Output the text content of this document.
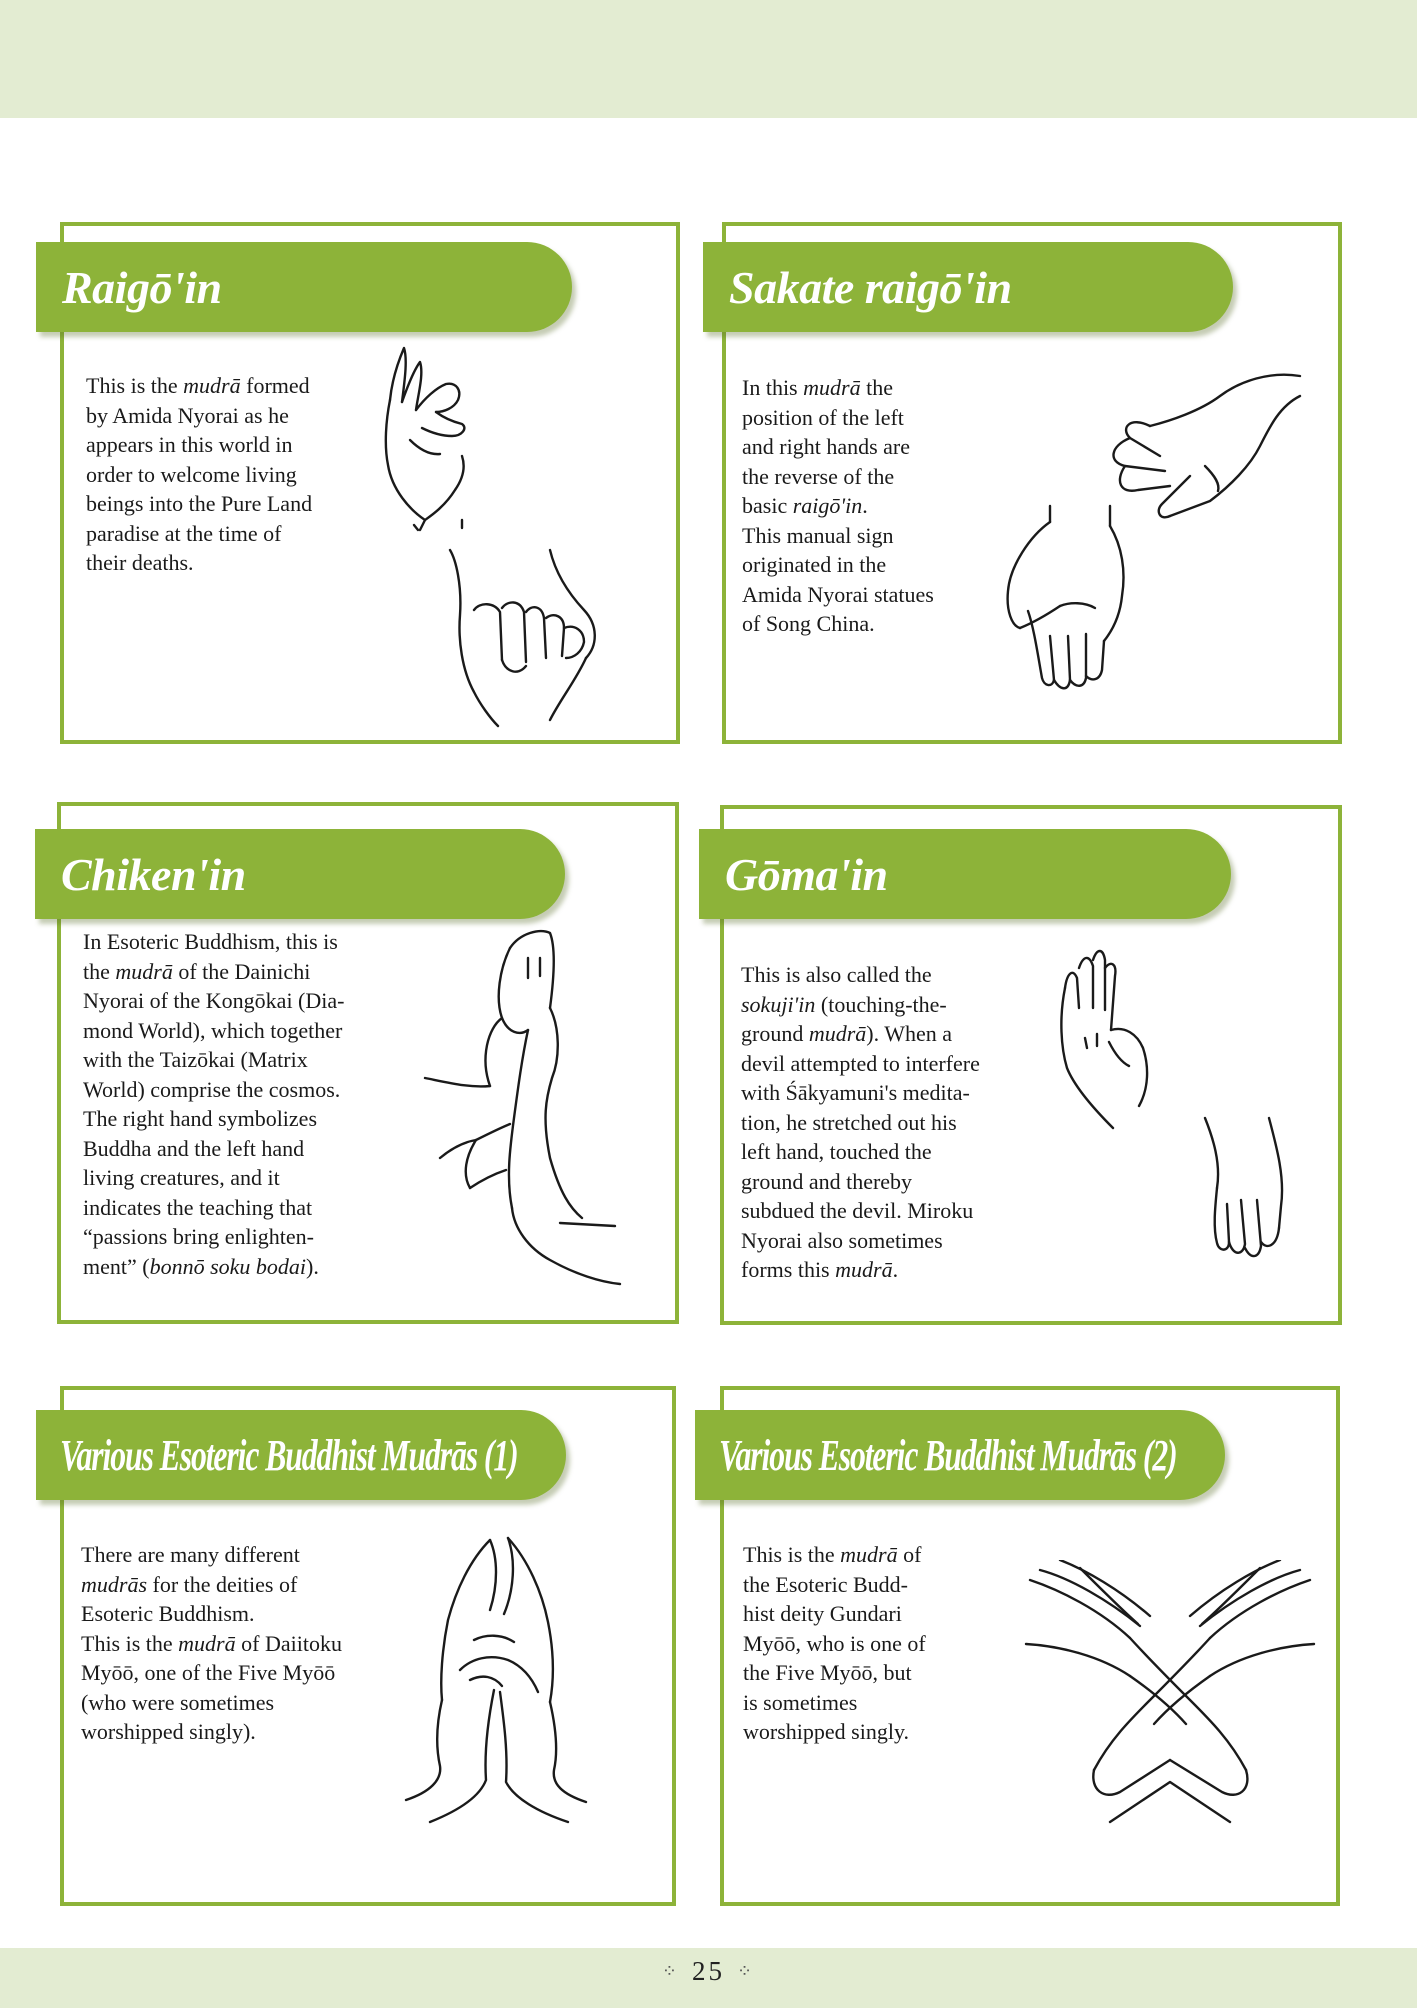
Raigō'in
This is the mudrā formed
by Amida Nyorai as he
appears in this world in
order to welcome living
beings into the Pure Land
paradise at the time of
their deaths.
Sakate raigō'in
In this mudrā the
position of the left
and right hands are
the reverse of the
basic raigō'in.
This manual sign
originated in the
Amida Nyorai statues
of Song China.
Chiken'in
In Esoteric Buddhism, this is
the mudrā of the Dainichi
Nyorai of the Kongōkai (Dia-
mond World), which together
with the Taizōkai (Matrix
World) comprise the cosmos.
The right hand symbolizes
Buddha and the left hand
living creatures, and it
indicates the teaching that
“passions bring enlighten-
ment” (bonnō soku bodai).
Gōma'in
This is also called the
sokuji'in (touching-the-
ground mudrā). When a
devil attempted to interfere
with Śākyamuni's medita-
tion, he stretched out his
left hand, touched the
ground and thereby
subdued the devil. Miroku
Nyorai also sometimes
forms this mudrā.
Various Esoteric Buddhist Mudrās (1)
There are many different
mudrās for the deities of
Esoteric Buddhism.
This is the mudrā of Daiitoku
Myōō, one of the Five Myōō
(who were sometimes
worshipped singly).
Various Esoteric Buddhist Mudrās (2)
This is the mudrā of
the Esoteric Budd-
hist deity Gundari
Myōō, who is one of
the Five Myōō, but
is sometimes
worshipped singly.
⁘ 25 ⁘
